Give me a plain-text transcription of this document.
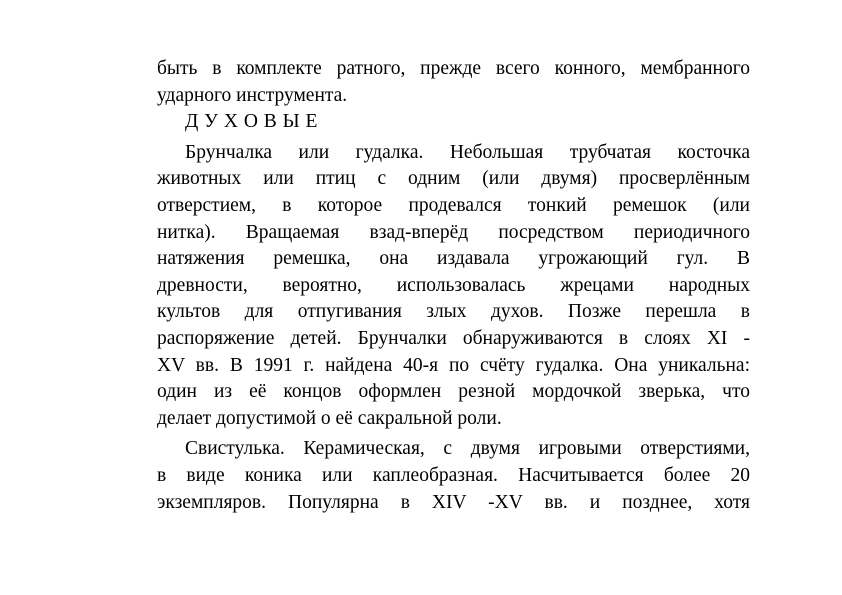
быть в комплекте ратного, прежде всего конного, мембранного
ударного инструмента.
Д У Х О В Ы Е
Брунчалка или гудалка. Небольшая трубчатая косточка
животных или птиц с одним (или двумя) просверлённым
отверстием, в которое продевался тонкий ремешок (или
нитка). Вращаемая взад-вперёд посредством периодичного
натяжения ремешка, она издавала угрожающий гул. В
древности, вероятно, использовалась жрецами народных
культов для отпугивания злых духов. Позже перешла в
распоряжение детей. Брунчалки обнаруживаются в слоях XI -
XV вв. В 1991 г. найдена 40-я по счёту гудалка. Она уникальна:
один из её концов оформлен резной мордочкой зверька, что
делает допустимой о её сакральной роли.
Свистулька. Керамическая, с двумя игровыми отверстиями,
в виде коника или каплеобразная. Насчитывается более 20
экземпляров. Популярна в XIV -XV вв. и позднее, хотя
